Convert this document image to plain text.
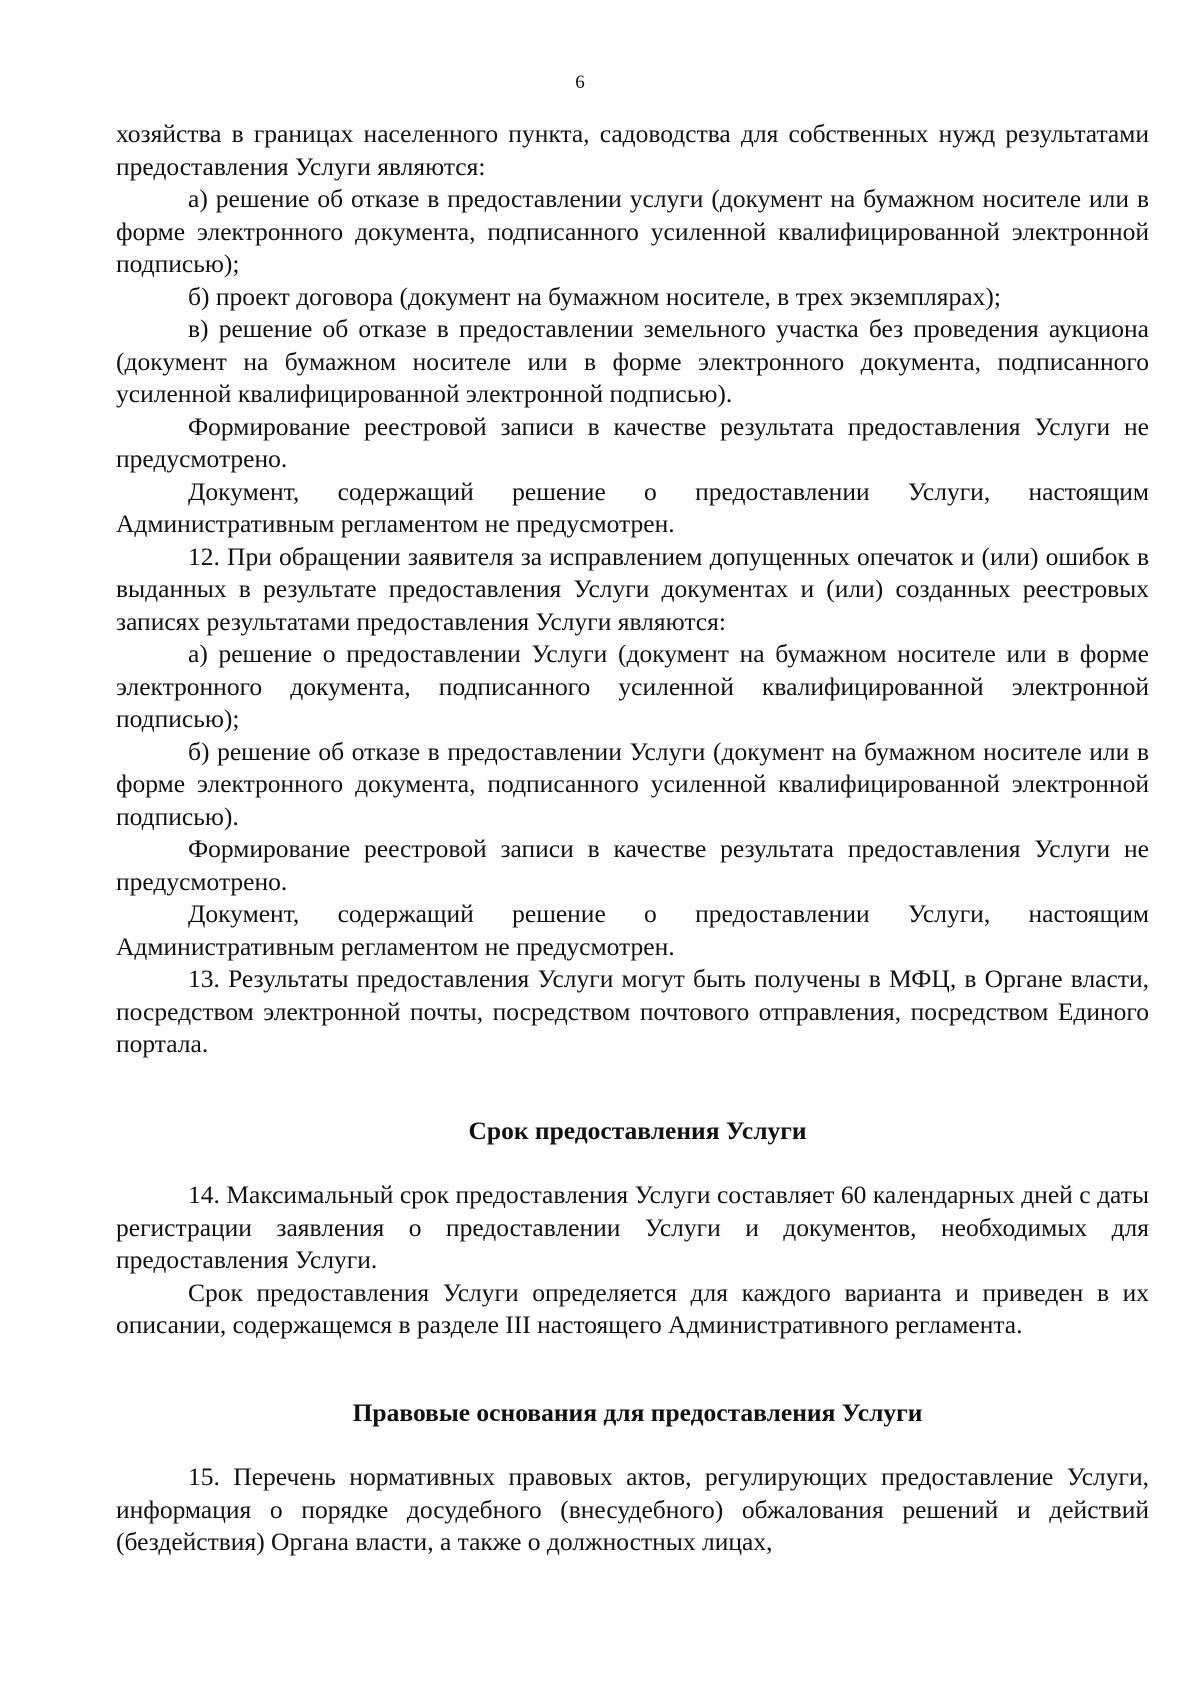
6

хозяйства в границах населенного пункта, садоводства для собственных нужд результатами предоставления Услуги являются:

а) решение об отказе в предоставлении услуги (документ на бумажном носителе или в форме электронного документа, подписанного усиленной квалифицированной электронной подписью);

б) проект договора (документ на бумажном носителе, в трех экземплярах);

в) решение об отказе в предоставлении земельного участка без проведения аукциона (документ на бумажном носителе или в форме электронного документа, подписанного усиленной квалифицированной электронной подписью).

Формирование реестровой записи в качестве результата предоставления Услуги не предусмотрено.

Документ, содержащий решение о предоставлении Услуги, настоящим Административным регламентом не предусмотрен.

12. При обращении заявителя за исправлением допущенных опечаток и (или) ошибок в выданных в результате предоставления Услуги документах и (или) созданных реестровых записях результатами предоставления Услуги являются:

а) решение о предоставлении Услуги (документ на бумажном носителе или в форме электронного документа, подписанного усиленной квалифицированной электронной подписью);

б) решение об отказе в предоставлении Услуги (документ на бумажном носителе или в форме электронного документа, подписанного усиленной квалифицированной электронной подписью).

Формирование реестровой записи в качестве результата предоставления Услуги не предусмотрено.

Документ, содержащий решение о предоставлении Услуги, настоящим Административным регламентом не предусмотрен.

13. Результаты предоставления Услуги могут быть получены в МФЦ, в Органе власти, посредством электронной почты, посредством почтового отправления, посредством Единого портала.

Срок предоставления Услуги

14. Максимальный срок предоставления Услуги составляет 60 календарных дней с даты регистрации заявления о предоставлении Услуги и документов, необходимых для предоставления Услуги.

Срок предоставления Услуги определяется для каждого варианта и приведен в их описании, содержащемся в разделе III настоящего Административного регламента.

Правовые основания для предоставления Услуги

15. Перечень нормативных правовых актов, регулирующих предоставление Услуги, информация о порядке досудебного (внесудебного) обжалования решений и действий (бездействия) Органа власти, а также о должностных лицах,
